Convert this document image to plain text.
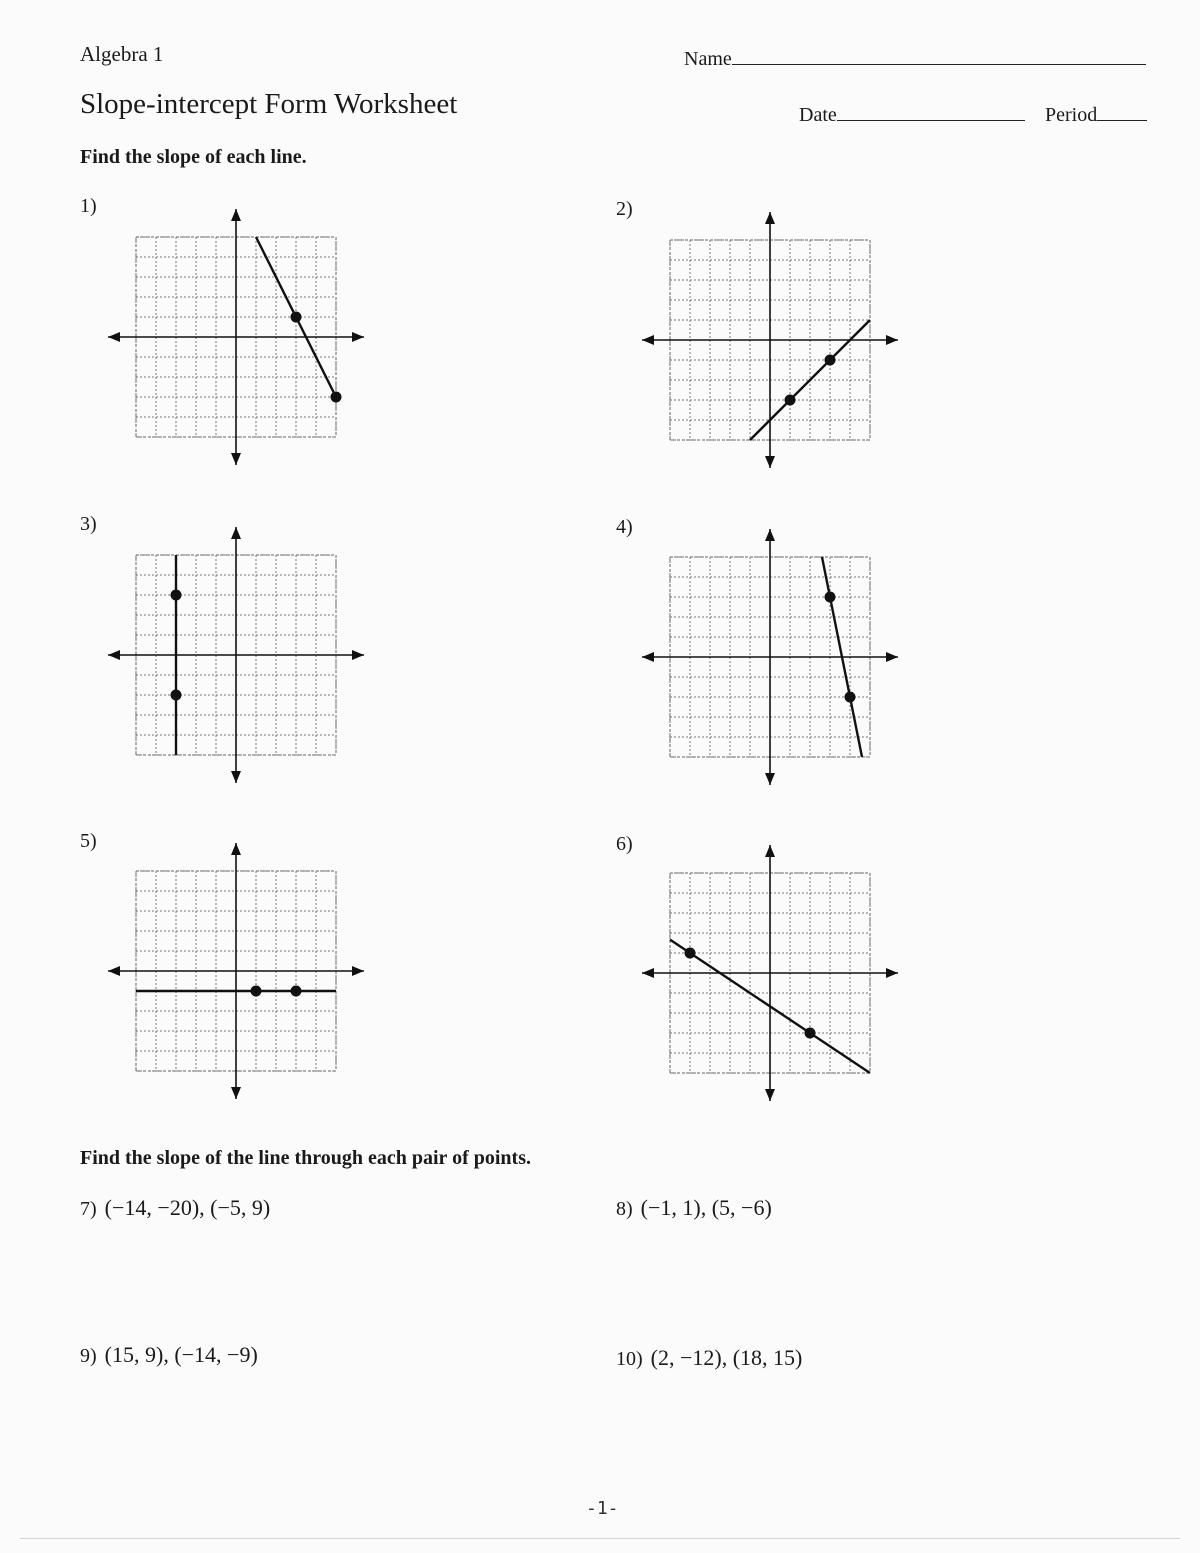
Algebra 1
Slope-intercept Form Worksheet
Name
Date	Period
Find the slope of each line.
1)	2)
3)	4)
5)	6)
Find the slope of the line through each pair of points.
7) (−14, −20), (−5, 9)	8) (−1, 1), (5, −6)
9) (15, 9), (−14, −9)	10) (2, −12), (18, 15)
-1-
